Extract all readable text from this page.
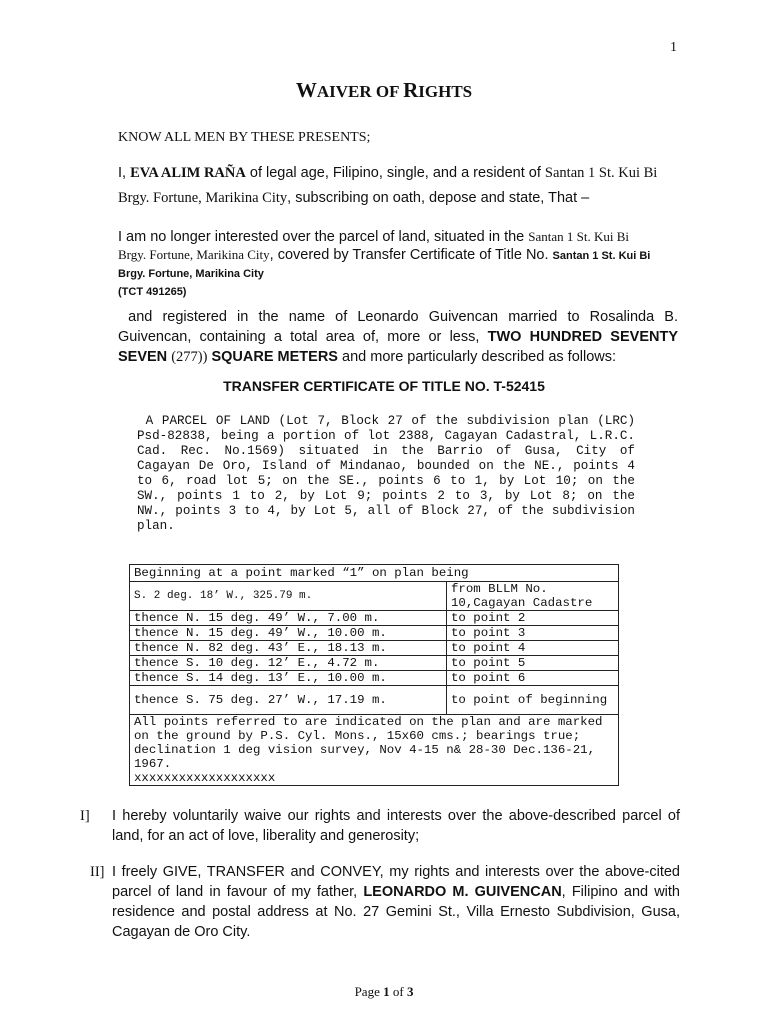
1
WAIVER OF RIGHTS
KNOW ALL MEN BY THESE PRESENTS;
I, EVA ALIM RAÑA of legal age, Filipino, single, and a resident of Santan 1 St. Kui Bi
Brgy. Fortune, Marikina City, subscribing on oath, depose and state, That –
I am no longer interested over the parcel of land, situated in the Santan 1 St. Kui Bi
Brgy. Fortune, Marikina City, covered by Transfer Certificate of Title No. Santan 1 St. Kui Bi
Brgy. Fortune, Marikina City
(TCT 491265)
and registered in the name of Leonardo Guivencan married to Rosalinda B. Guivencan, containing a total area of, more or less, TWO HUNDRED SEVENTY SEVEN (277)) SQUARE METERS and more particularly described as follows:
TRANSFER CERTIFICATE OF TITLE NO. T-52415
A PARCEL OF LAND (Lot 7, Block 27 of the subdivision plan (LRC) Psd-82838, being a portion of lot 2388, Cagayan Cadastral, L.R.C. Cad. Rec. No.1569) situated in the Barrio of Gusa, City of Cagayan De Oro, Island of Mindanao, bounded on the NE., points 4 to 6, road lot 5; on the SE., points 6 to 1, by Lot 10; on the SW., points 1 to 2, by Lot 9; points 2 to 3, by Lot 8; on the NW., points 3 to 4, by Lot 5, all of Block 27, of the subdivision plan.
Beginning at a point marked “1” on plan being	
S. 2 deg. 18’ W., 325.79 m.	from BLLM No. 10,Cagayan Cadastre
thence N. 15 deg. 49’ W., 7.00 m.	to point 2
thence N. 15 deg. 49’ W., 10.00 m.	to point 3
thence N. 82 deg. 43’ E., 18.13 m.	to point 4
thence S. 10 deg. 12’ E., 4.72 m.	to point 5
thence S. 14 deg. 13’ E., 10.00 m.	to point 6
thence S. 75 deg. 27’ W., 17.19 m.	to point of beginning

All points referred to are indicated on the plan and are marked on the ground by P.S. Cyl. Mons., 15x60 cms.; bearings true; declination 1 deg vision survey, Nov 4-15 n& 28-30 Dec.136-21, 1967.
xxxxxxxxxxxxxxxxxxx	
I] I hereby voluntarily waive our rights and interests over the above-described parcel of land, for an act of love, liberality and generosity;
II] I freely GIVE, TRANSFER and CONVEY, my rights and interests over the above-cited parcel of land in favour of my father, LEONARDO M. GUIVENCAN, Filipino and with residence and postal address at No. 27 Gemini St., Villa Ernesto Subdivision, Gusa, Cagayan de Oro City.
Page 1 of 3
